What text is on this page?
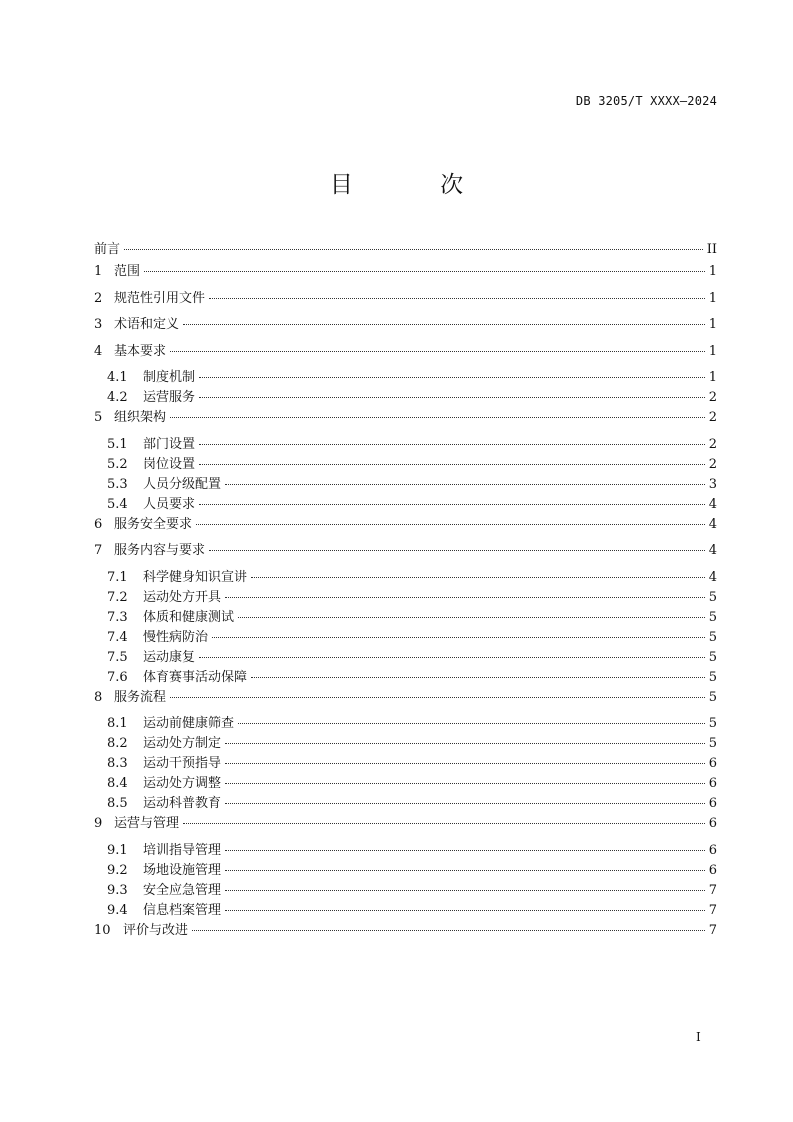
DB 3205/T XXXX—2024
目 次
前言	II
1 范围	1
2 规范性引用文件	1
3 术语和定义	1
4 基本要求	1
4.1	制度机制	1
4.2	运营服务	2
5 组织架构	2
5.1	部门设置	2
5.2	岗位设置	2
5.3	人员分级配置	3
5.4	人员要求	4
6 服务安全要求	4
7 服务内容与要求	4
7.1	科学健身知识宣讲	4
7.2	运动处方开具	5
7.3	体质和健康测试	5
7.4	慢性病防治	5
7.5	运动康复	5
7.6	体育赛事活动保障	5
8 服务流程	5
8.1	运动前健康筛查	5
8.2	运动处方制定	5
8.3	运动干预指导	6
8.4	运动处方调整	6
8.5	运动科普教育	6
9 运营与管理	6
9.1	培训指导管理	6
9.2	场地设施管理	6
9.3	安全应急管理	7
9.4	信息档案管理	7
10 评价与改进	7
I
